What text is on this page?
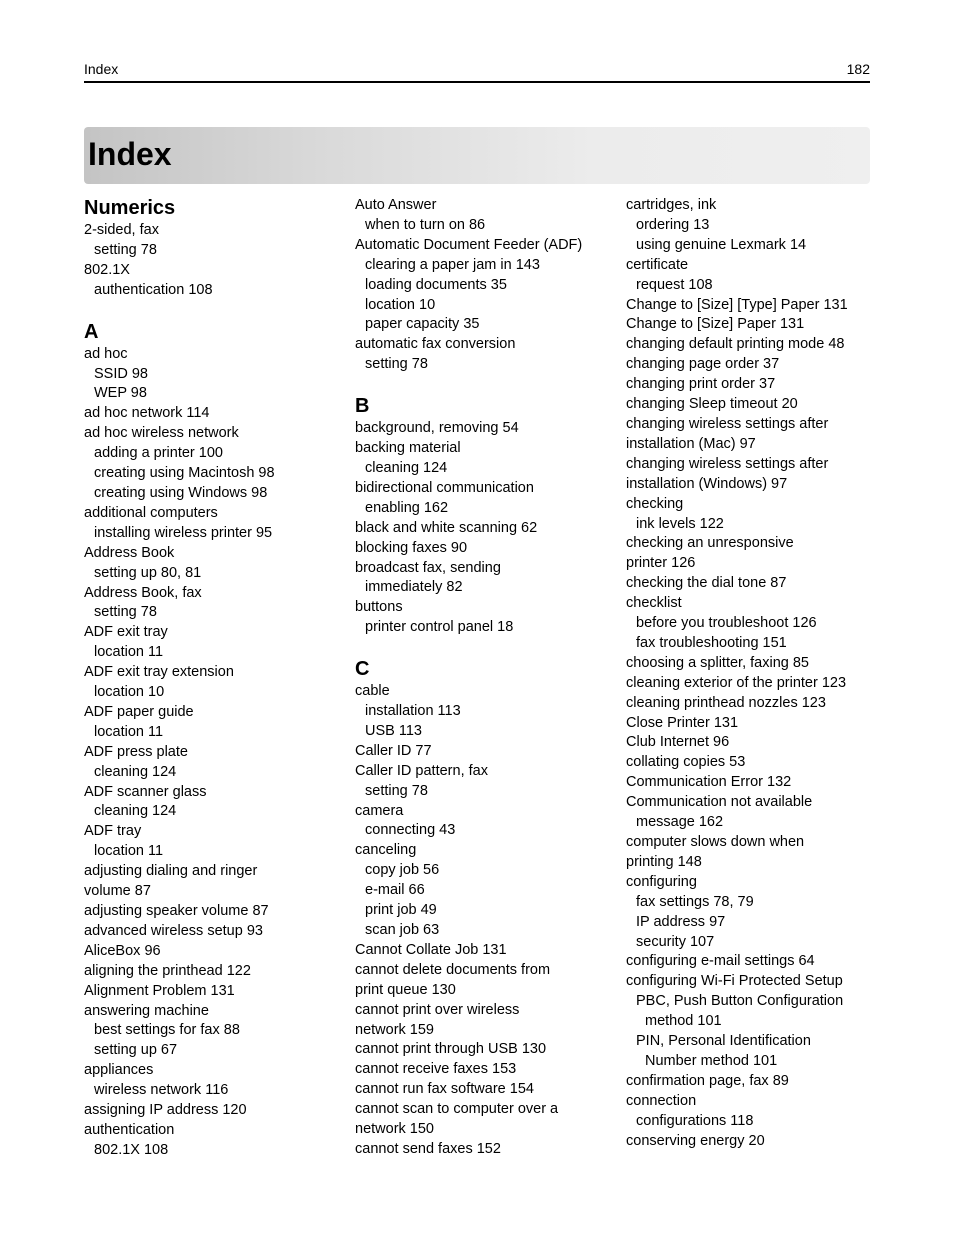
Index	182
Index
Numerics
2-sided, fax
setting 78
802.1X
authentication 108
A
ad hoc
SSID 98
WEP 98
ad hoc network 114
ad hoc wireless network
adding a printer 100
creating using Macintosh 98
creating using Windows 98
additional computers
installing wireless printer 95
Address Book
setting up 80, 81
Address Book, fax
setting 78
ADF exit tray
location 11
ADF exit tray extension
location 10
ADF paper guide
location 11
ADF press plate
cleaning 124
ADF scanner glass
cleaning 124
ADF tray
location 11
adjusting dialing and ringer
volume 87
adjusting speaker volume 87
advanced wireless setup 93
AliceBox 96
aligning the printhead 122
Alignment Problem 131
answering machine
best settings for fax 88
setting up 67
appliances
wireless network 116
assigning IP address 120
authentication
802.1X 108
Auto Answer
when to turn on 86
Automatic Document Feeder (ADF)
clearing a paper jam in 143
loading documents 35
location 10
paper capacity 35
automatic fax conversion
setting 78
B
background, removing 54
backing material
cleaning 124
bidirectional communication
enabling 162
black and white scanning 62
blocking faxes 90
broadcast fax, sending
immediately 82
buttons
printer control panel 18
C
cable
installation 113
USB 113
Caller ID 77
Caller ID pattern, fax
setting 78
camera
connecting 43
canceling
copy job 56
e-mail 66
print job 49
scan job 63
Cannot Collate Job 131
cannot delete documents from
print queue 130
cannot print over wireless
network 159
cannot print through USB 130
cannot receive faxes 153
cannot run fax software 154
cannot scan to computer over a
network 150
cannot send faxes 152
cartridges, ink
ordering 13
using genuine Lexmark 14
certificate
request 108
Change to [Size] [Type] Paper 131
Change to [Size] Paper 131
changing default printing mode 48
changing page order 37
changing print order 37
changing Sleep timeout 20
changing wireless settings after
installation (Mac) 97
changing wireless settings after
installation (Windows) 97
checking
ink levels 122
checking an unresponsive
printer 126
checking the dial tone 87
checklist
before you troubleshoot 126
fax troubleshooting 151
choosing a splitter, faxing 85
cleaning exterior of the printer 123
cleaning printhead nozzles 123
Close Printer 131
Club Internet 96
collating copies 53
Communication Error 132
Communication not available
message 162
computer slows down when
printing 148
configuring
fax settings 78, 79
IP address 97
security 107
configuring e-mail settings 64
configuring Wi-Fi Protected Setup
PBC, Push Button Configuration
method 101
PIN, Personal Identification
Number method 101
confirmation page, fax 89
connection
configurations 118
conserving energy 20
